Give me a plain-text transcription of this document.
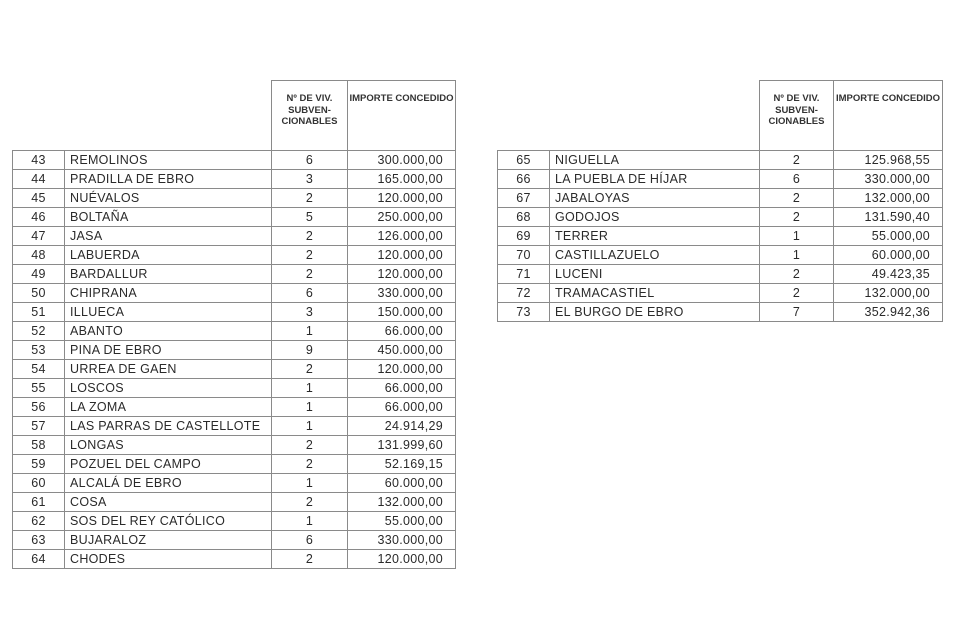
		Nº DE VIV. SUBVEN- CIONABLES	IMPORTE CONCEDIDO
43	REMOLINOS	6	300.000,00
44	PRADILLA DE EBRO	3	165.000,00
45	NUÉVALOS	2	120.000,00
46	BOLTAÑA	5	250.000,00
47	JASA	2	126.000,00
48	LABUERDA	2	120.000,00
49	BARDALLUR	2	120.000,00
50	CHIPRANA	6	330.000,00
51	ILLUECA	3	150.000,00
52	ABANTO	1	66.000,00
53	PINA DE EBRO	9	450.000,00
54	URREA DE GAEN	2	120.000,00
55	LOSCOS	1	66.000,00
56	LA ZOMA	1	66.000,00
57	LAS PARRAS DE CASTELLOTE	1	24.914,29
58	LONGAS	2	131.999,60
59	POZUEL DEL CAMPO	2	52.169,15
60	ALCALÁ DE EBRO	1	60.000,00
61	COSA	2	132.000,00
62	SOS DEL REY CATÓLICO	1	55.000,00
63	BUJARALOZ	6	330.000,00
64	CHODES	2	120.000,00
		Nº DE VIV. SUBVEN- CIONABLES	IMPORTE CONCEDIDO
65	NIGUELLA	2	125.968,55
66	LA PUEBLA DE HÍJAR	6	330.000,00
67	JABALOYAS	2	132.000,00
68	GODOJOS	2	131.590,40
69	TERRER	1	55.000,00
70	CASTILLAZUELO	1	60.000,00
71	LUCENI	2	49.423,35
72	TRAMACASTIEL	2	132.000,00
73	EL BURGO DE EBRO	7	352.942,36
